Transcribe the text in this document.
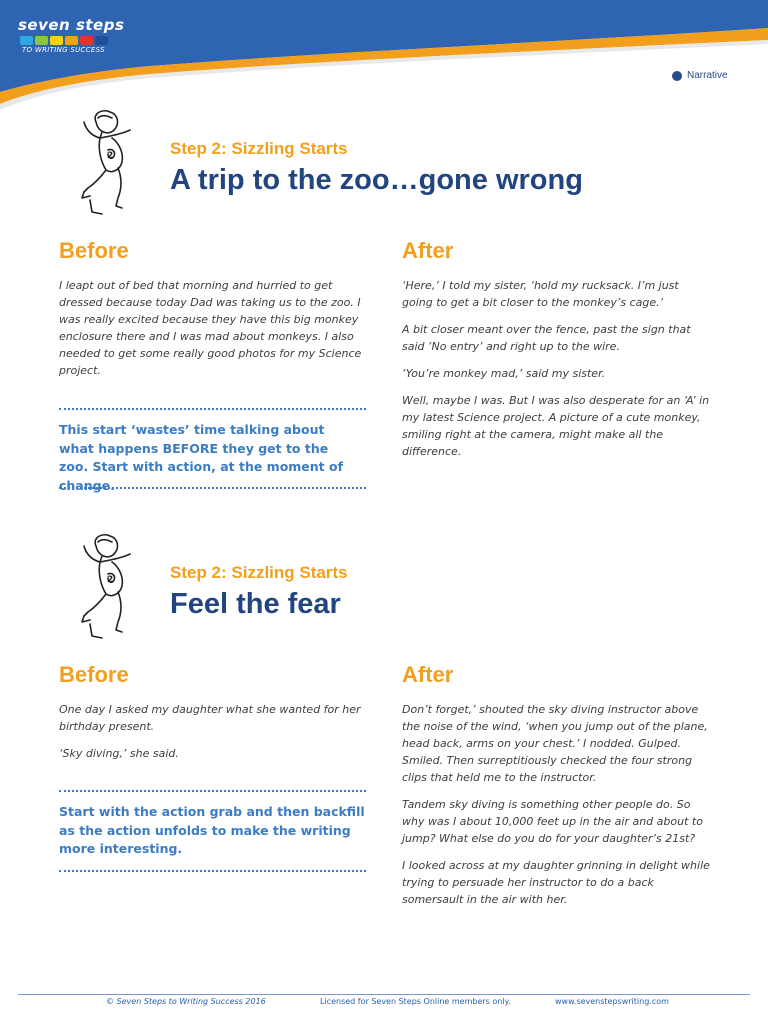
seven steps
TO WRITING SUCCESS
Narrative
2	Step 2: Sizzling Starts
A trip to the zoo…gone wrong
Before	After

I leapt out of bed that morning and hurried to get dressed because today Dad was taking us to the zoo. I was really excited because they have this big monkey enclosure there and I was mad about monkeys. I also needed to get some really good photos for my Science project.

This start ‘wastes’ time talking about what happens BEFORE they get to the zoo. Start with action, at the moment of change.

‘Here,’ I told my sister, ‘hold my rucksack. I’m just going to get a bit closer to the monkey’s cage.’

A bit closer meant over the fence, past the sign that said ‘No entry’ and right up to the wire.

‘You’re monkey mad,’ said my sister.

Well, maybe I was. But I was also desperate for an ‘A’ in my latest Science project. A picture of a cute monkey, smiling right at the camera, might make all the difference.

2	Step 2: Sizzling Starts
Feel the fear
Before	After

One day I asked my daughter what she wanted for her birthday present.

‘Sky diving,’ she said.

Start with the action grab and then backfill as the action unfolds to make the writing more interesting.

Don’t forget,’ shouted the sky diving instructor above the noise of the wind, ‘when you jump out of the plane, head back, arms on your chest.’ I nodded. Gulped. Smiled. Then surreptitiously checked the four strong clips that held me to the instructor.

Tandem sky diving is something other people do. So why was I about 10,000 feet up in the air and about to jump? What else do you do for your daughter’s 21st?

I looked across at my daughter grinning in delight while trying to persuade her instructor to do a back somersault in the air with her.

© Seven Steps to Writing Success 2016	Licensed for Seven Steps Online members only.	www.sevenstepswriting.com
